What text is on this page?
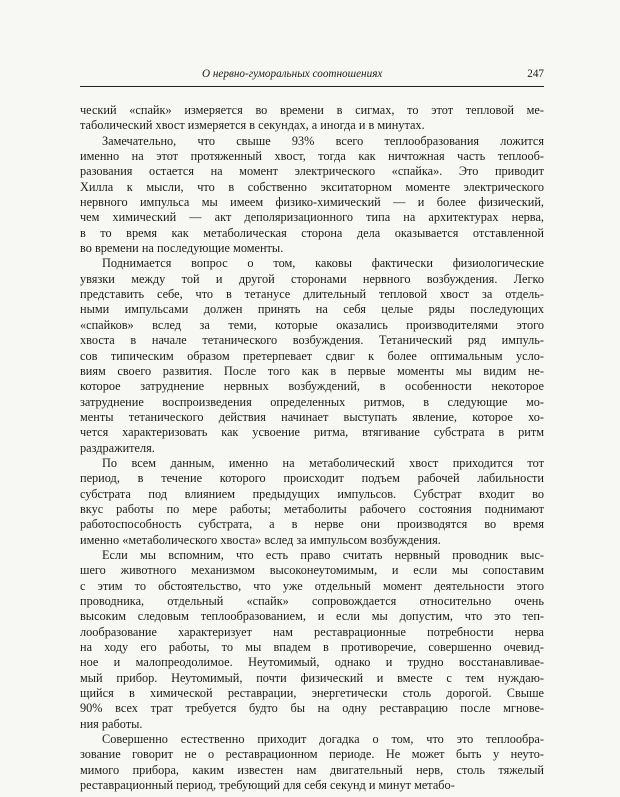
О нервно-гуморальных соотношениях	247
ческий «спайк» измеряется во времени в сигмах, то этот тепловой ме-
таболический хвост измеряется в секундах, а иногда и в минутах.
Замечательно, что свыше 93% всего теплообразования ложится
именно на этот протяженный хвост, тогда как ничтожная часть теплооб-
разования остается на момент электрического «спайка». Это приводит
Хилла к мысли, что в собственно экситаторном моменте электрического
нервного импульса мы имеем физико-химический — и более физический,
чем химический — акт деполяризационного типа на архитектурах нерва,
в то время как метаболическая сторона дела оказывается отставленной
во времени на последующие моменты.
Поднимается вопрос о том, каковы фактически физиологические
увязки между той и другой сторонами нервного возбуждения. Легко
представить себе, что в тетанусе длительный тепловой хвост за отдель-
ными импульсами должен принять на себя целые ряды последующих
«спайков» вслед за теми, которые оказались производителями этого
хвоста в начале тетанического возбуждения. Тетанический ряд импуль-
сов типическим образом претерпевает сдвиг к более оптимальным усло-
виям своего развития. После того как в первые моменты мы видим не-
которое затруднение нервных возбуждений, в особенности некоторое
затруднение воспроизведения определенных ритмов, в следующие мо-
менты тетанического действия начинает выступать явление, которое хо-
чется характеризовать как усвоение ритма, втягивание субстрата в ритм
раздражителя.
По всем данным, именно на метаболический хвост приходится тот
период, в течение которого происходит подъем рабочей лабильности
субстрата под влиянием предыдущих импульсов. Субстрат входит во
вкус работы по мере работы; метаболиты рабочего состояния поднимают
работоспособность субстрата, а в нерве они производятся во время
именно «метаболического хвоста» вслед за импульсом возбуждения.
Если мы вспомним, что есть право считать нервный проводник выс-
шего животного механизмом высоконеутомимым, и если мы сопоставим
с этим то обстоятельство, что уже отдельный момент деятельности этого
проводника, отдельный «спайк» сопровождается относительно очень
высоким следовым теплообразованием, и если мы допустим, что это теп-
лообразование характеризует нам реставрационные потребности нерва
на ходу его работы, то мы впадем в противоречие, совершенно очевид-
ное и малопреодолимое. Неутомимый, однако и трудно восстанавливае-
мый прибор. Неутомимый, почти физический и вместе с тем нуждаю-
щийся в химической реставрации, энергетически столь дорогой. Свыше
90% всех трат требуется будто бы на одну реставрацию после мгнове-
ния работы.
Совершенно естественно приходит догадка о том, что это теплообра-
зование говорит не о реставрационном периоде. Не может быть у неуто-
мимого прибора, каким известен нам двигательный нерв, столь тяжелый
реставрационный период, требующий для себя секунд и минут метабо-
